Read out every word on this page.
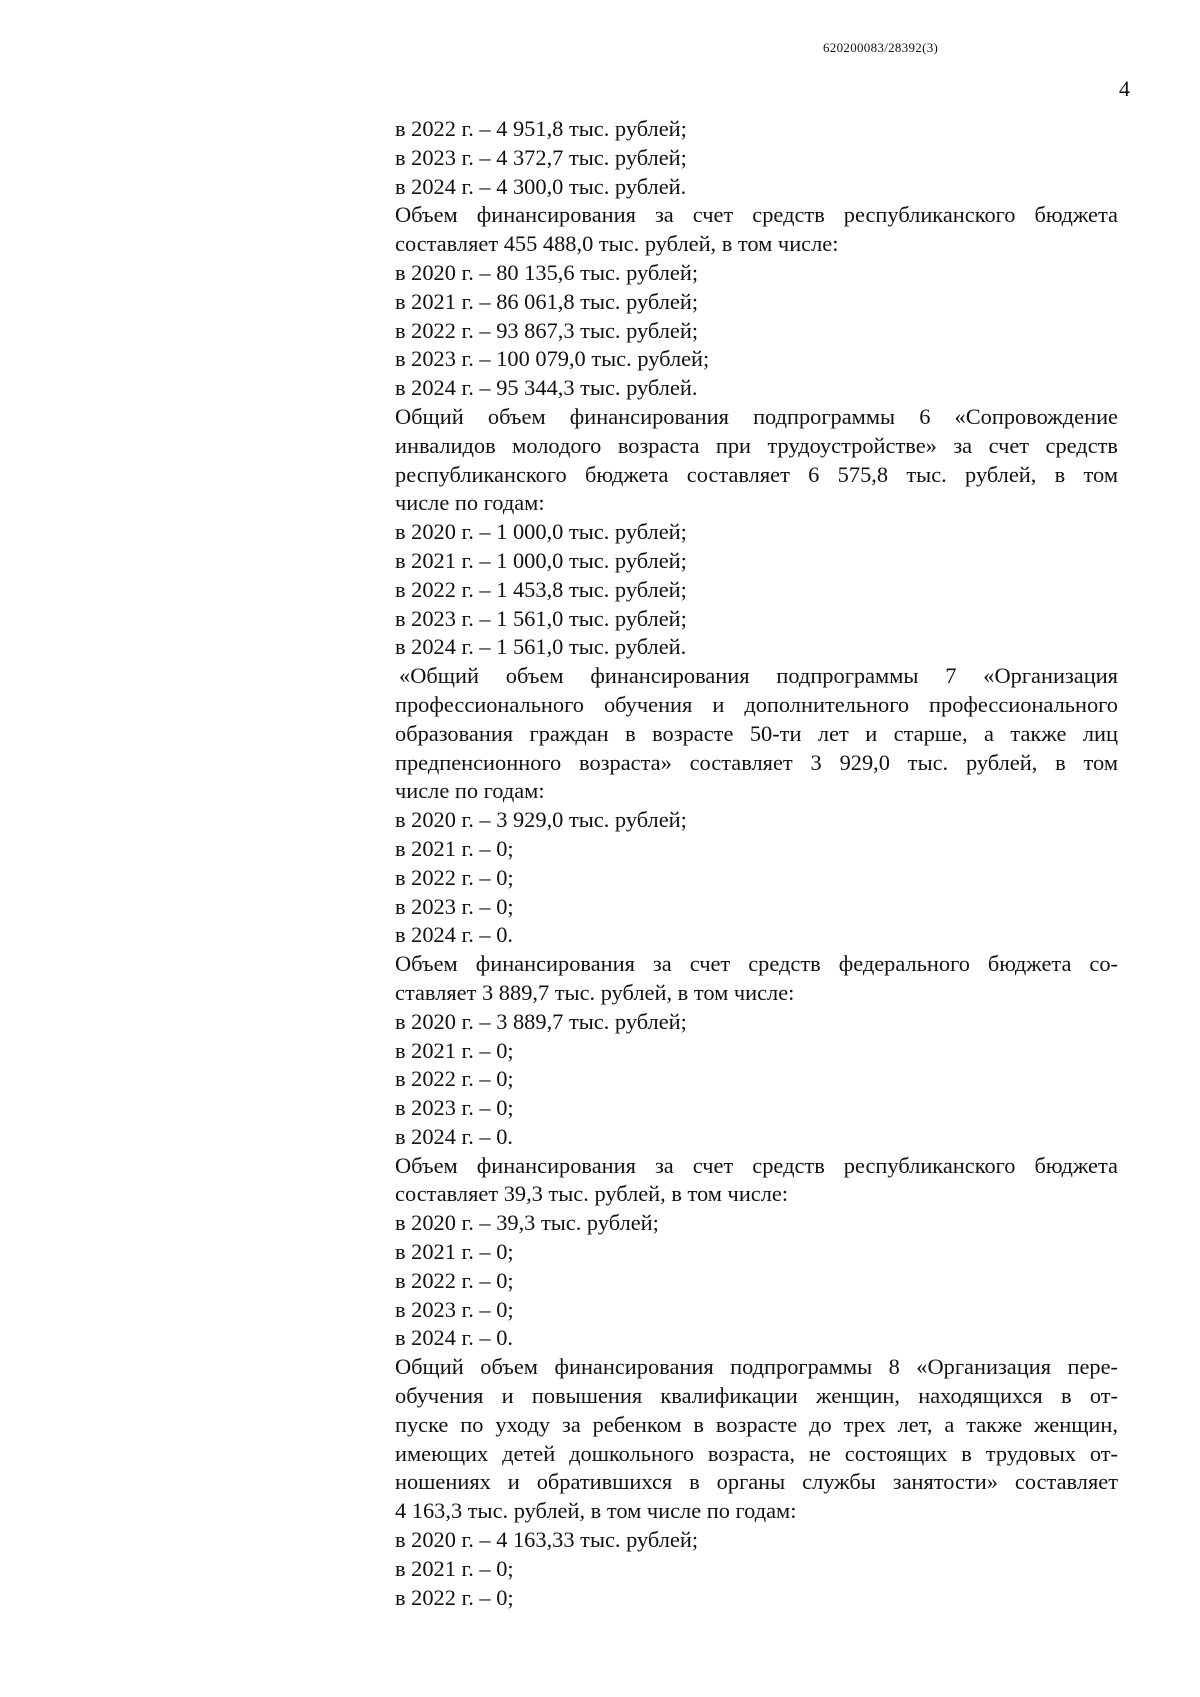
620200083/28392(3)
4
в 2022 г. – 4 951,8 тыс. рублей;
в 2023 г. – 4 372,7 тыс. рублей;
в 2024 г. – 4 300,0 тыс. рублей.
Объем финансирования за счет средств республиканского бюджета
составляет 455 488,0 тыс. рублей, в том числе:
в 2020 г. – 80 135,6 тыс. рублей;
в 2021 г. – 86 061,8 тыс. рублей;
в 2022 г. – 93 867,3 тыс. рублей;
в 2023 г. – 100 079,0 тыс. рублей;
в 2024 г. – 95 344,3 тыс. рублей.
Общий объем финансирования подпрограммы 6 «Сопровождение
инвалидов молодого возраста при трудоустройстве» за счет средств
республиканского бюджета составляет 6 575,8 тыс. рублей, в том
числе по годам:
в 2020 г. – 1 000,0 тыс. рублей;
в 2021 г. – 1 000,0 тыс. рублей;
в 2022 г. – 1 453,8 тыс. рублей;
в 2023 г. – 1 561,0 тыс. рублей;
в 2024 г. – 1 561,0 тыс. рублей.
«Общий объем финансирования подпрограммы 7 «Организация
профессионального обучения и дополнительного профессионального
образования граждан в возрасте 50-ти лет и старше, а также лиц
предпенсионного возраста» составляет 3 929,0 тыс. рублей, в том
числе по годам:
в 2020 г. – 3 929,0 тыс. рублей;
в 2021 г. – 0;
в 2022 г. – 0;
в 2023 г. – 0;
в 2024 г. – 0.
Объем финансирования за счет средств федерального бюджета со-
ставляет 3 889,7 тыс. рублей, в том числе:
в 2020 г. – 3 889,7 тыс. рублей;
в 2021 г. – 0;
в 2022 г. – 0;
в 2023 г. – 0;
в 2024 г. – 0.
Объем финансирования за счет средств республиканского бюджета
составляет 39,3 тыс. рублей, в том числе:
в 2020 г. – 39,3 тыс. рублей;
в 2021 г. – 0;
в 2022 г. – 0;
в 2023 г. – 0;
в 2024 г. – 0.
Общий объем финансирования подпрограммы 8 «Организация пере-
обучения и повышения квалификации женщин, находящихся в от-
пуске по уходу за ребенком в возрасте до трех лет, а также женщин,
имеющих детей дошкольного возраста, не состоящих в трудовых от-
ношениях и обратившихся в органы службы занятости» составляет
4 163,3 тыс. рублей, в том числе по годам:
в 2020 г. – 4 163,33 тыс. рублей;
в 2021 г. – 0;
в 2022 г. – 0;
